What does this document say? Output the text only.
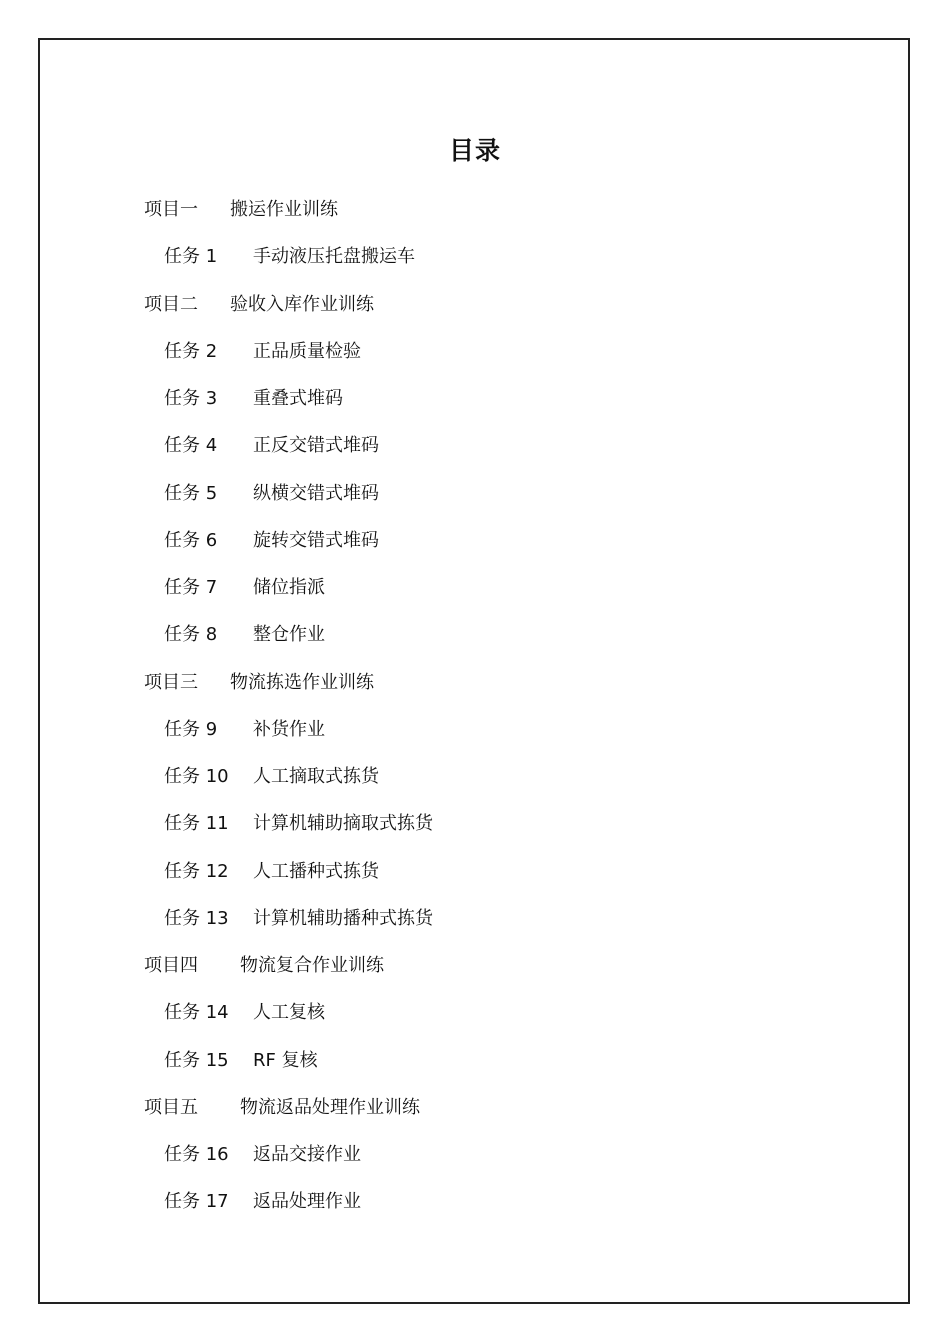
目录
项目一 搬运作业训练
任务 1 手动液压托盘搬运车
项目二 验收入库作业训练
任务 2 正品质量检验
任务 3 重叠式堆码
任务 4 正反交错式堆码
任务 5 纵横交错式堆码
任务 6 旋转交错式堆码
任务 7 储位指派
任务 8 整仓作业
项目三 物流拣选作业训练
任务 9 补货作业
任务 10 人工摘取式拣货
任务 11 计算机辅助摘取式拣货
任务 12 人工播种式拣货
任务 13 计算机辅助播种式拣货
项目四 物流复合作业训练
任务 14 人工复核
任务 15 RF 复核
项目五 物流返品处理作业训练
任务 16 返品交接作业
任务 17 返品处理作业
